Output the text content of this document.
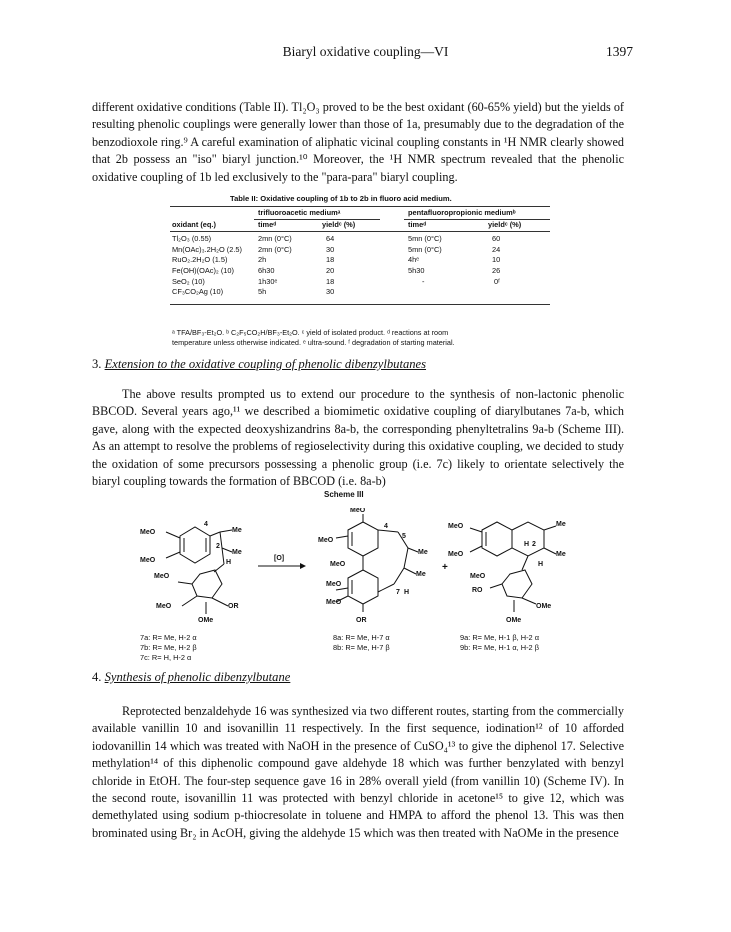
Biaryl oxidative coupling—VI	1397
different oxidative conditions (Table II). Tl₂O₃ proved to be the best oxidant (60-65% yield) but the yields of resulting phenolic couplings were generally lower than those of 1a, presumably due to the degradation of the benzodioxole ring.⁹ A careful examination of aliphatic vicinal coupling constants in ¹H NMR clearly showed that 2b possess an "iso" biaryl junction.¹⁰ Moreover, the ¹H NMR spectrum revealed that the phenolic oxidative coupling of 1b led exclusively to the "para-para" biaryl coupling.
Table II: Oxidative coupling of 1b to 2b in fluoro acid medium.
trifluoroacetic mediumᵃ	pentafluoropropionic mediumᵇ
oxidant (eq.)	timeᵈ	yieldᶜ (%)	timeᵈ	yieldᶜ (%)
Tl₂O₃ (0.55)	2mn (0°C)	64	5mn (0°C)	60
Mn(OAc)₃.2H₂O (2.5) 2mn (0°C)	30	5mn (0°C)	24
RuO₂.2H₂O (1.5)	2h	18	4hᵉ	10
Fe(OH)(OAc)₂ (10)	6h30	20	5h30	26
SeO₂ (10)	1h30ᵉ	18	-	0ᶠ
CF₃CO₂Ag (10)	5h	30
ᵃ TFA/BF₃-Et₂O. ᵇ C₂F₅CO₂H/BF₃-Et₂O. ᶜ yield of isolated product. ᵈ reactions at room
temperature unless otherwise indicated. ᵉ ultra-sound. ᶠ degradation of starting material.
3. Extension to the oxidative coupling of phenolic dibenzylbutanes
The above results prompted us to extend our procedure to the synthesis of non-lactonic phenolic BBCOD. Several years ago,¹¹ we described a biomimetic oxidative coupling of diarylbutanes 7a-b, which gave, along with the expected deoxyshizandrins 8a-b, the corresponding phenyltetralins 9a-b (Scheme III). As an attempt to resolve the problems of regioselectivity during this oxidative coupling, we decided to study the oxidation of some precursors possessing a phenolic group (i.e. 7c) likely to orientate selectively the biaryl coupling towards the formation of BBCOD (i.e. 8a-b)
Scheme III
MeO
MeO
Me
Me
4
2
H
MeO
MeO	OR
OMe
[O]
MeO
MeO
MeO
MeO
MeO
4
5
Me
Me
7 H
OR
+
MeO
MeO
Me
Me
H 2
H
MeO
RO
OMe
OMe
7a: R= Me, H-2 α
7b: R= Me, H-2 β
7c: R= H, H-2 α
8a: R= Me, H-7 α
8b: R= Me, H-7 β
9a: R= Me, H-1 β, H-2 α
9b: R= Me, H-1 α, H-2 β
4. Synthesis of phenolic dibenzylbutane
Reprotected benzaldehyde 16 was synthesized via two different routes, starting from the commercially available vanillin 10 and isovanillin 11 respectively. In the first sequence, iodination¹² of 10 afforded iodovanillin 14 which was treated with NaOH in the presence of CuSO₄¹³ to give the diphenol 17. Selective methylation¹⁴ of this diphenolic compound gave aldehyde 18 which was further benzylated with benzyl chloride in EtOH. The four-step sequence gave 16 in 28% overall yield (from vanillin 10) (Scheme IV). In the second route, isovanillin 11 was protected with benzyl chloride in acetone¹⁵ to give 12, which was demethylated using sodium p-thiocresolate in toluene and HMPA to afford the phenol 13. This was then brominated using Br₂ in AcOH, giving the aldehyde 15 which was then treated with NaOMe in the presence
